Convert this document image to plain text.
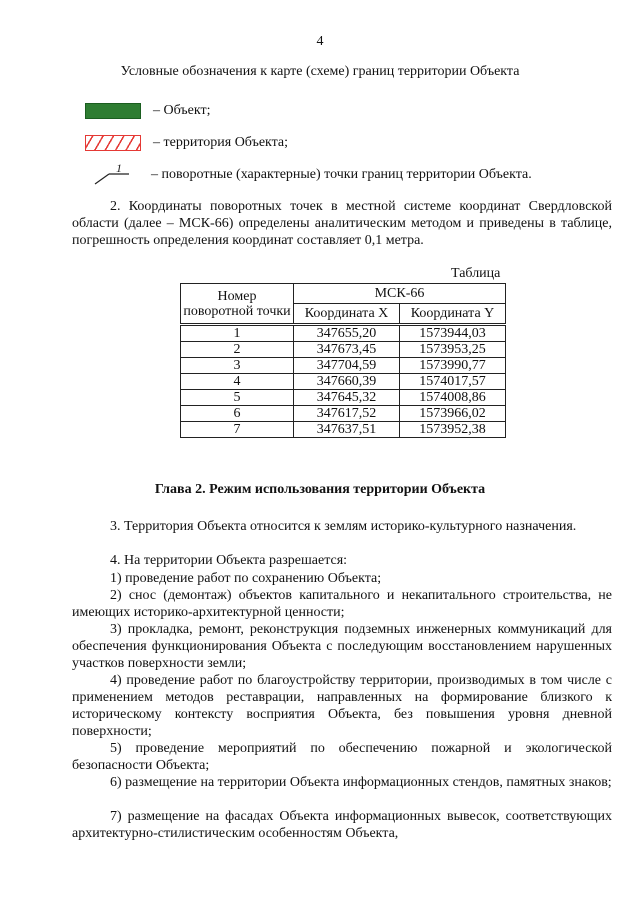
4
Условные обозначения к карте (схеме) границ территории Объекта
– Объект;
– территория Объекта;
1 – поворотные (характерные) точки границ территории Объекта.
2. Координаты поворотных точек в местной системе координат Свердловской области (далее – МСК-66) определены аналитическим методом и приведены в таблице, погрешность определения координат составляет 0,1 метра.
Таблица
Номер поворотной точки	МСК-66	
	Координата X	Координата Y
1	347655,20	1573944,03
2	347673,45	1573953,25
3	347704,59	1573990,77
4	347660,39	1574017,57
5	347645,32	1574008,86
6	347617,52	1573966,02
7	347637,51	1573952,38
Глава 2. Режим использования территории Объекта
3. Территория Объекта относится к землям историко-культурного назначения.
4. На территории Объекта разрешается:
1) проведение работ по сохранению Объекта;
2) снос (демонтаж) объектов капитального и некапитального строительства, не имеющих историко-архитектурной ценности;
3) прокладка, ремонт, реконструкция подземных инженерных коммуникаций для обеспечения функционирования Объекта с последующим восстановлением нарушенных участков поверхности земли;
4) проведение работ по благоустройству территории, производимых в том числе с применением методов реставрации, направленных на формирование близкого к историческому контексту восприятия Объекта, без повышения уровня дневной поверхности;
5) проведение мероприятий по обеспечению пожарной и экологической безопасности Объекта;
6) размещение на территории Объекта информационных стендов, памятных знаков;
7) размещение на фасадах Объекта информационных вывесок, соответствующих архитектурно-стилистическим особенностям Объекта,
